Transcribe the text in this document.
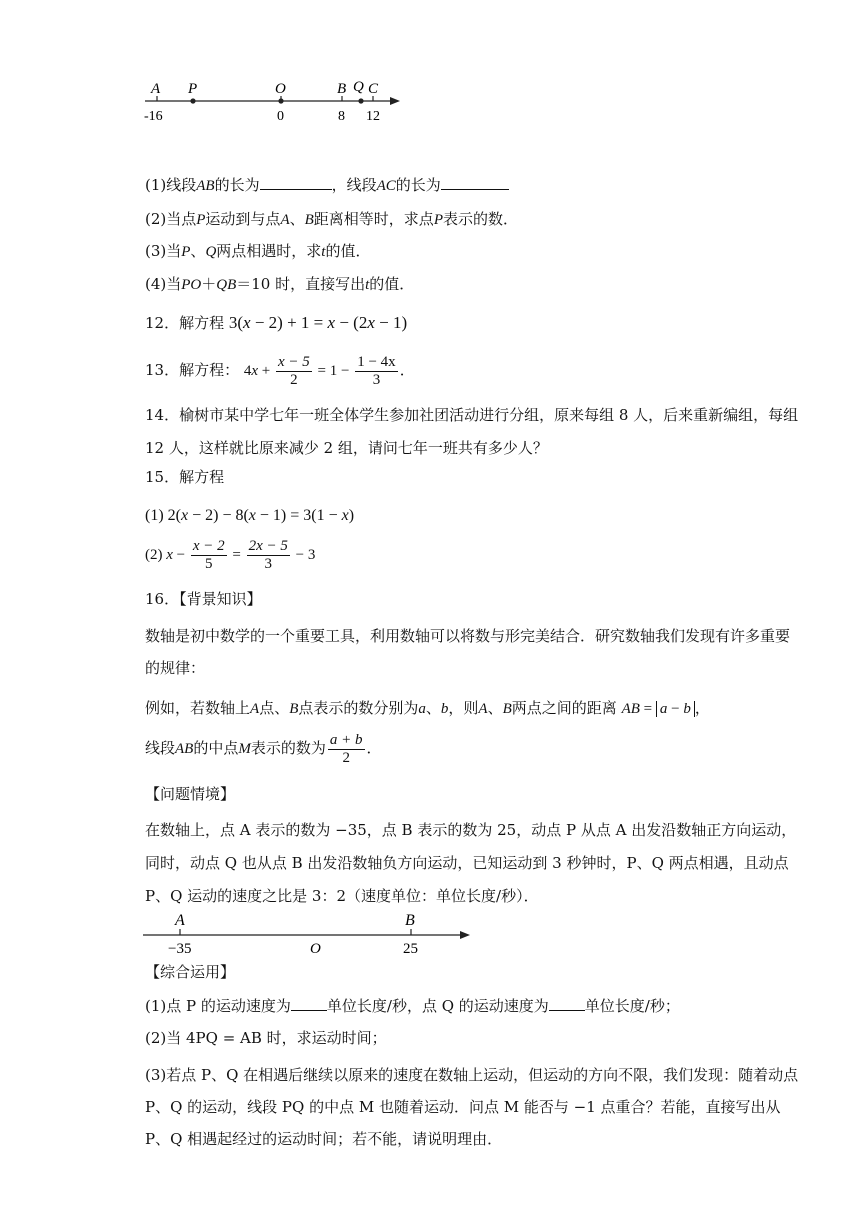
A P	O	B Q C
-16	0	8 12
(1)线段AB的长为	，线段AC的长为
(2)当点P运动到与点A、B距离相等时，求点P表示的数．
(3)当P、Q两点相遇时，求t的值．
(4)当PO＋QB＝10 时，直接写出t的值．
12．解方程 3(x − 2) + 1 = x − (2x − 1)
13．解方程： $4x + \frac{x - 5}{2} = 1 - \frac{1 - 4x}{3}$ ．
14．榆树市某中学七年一班全体学生参加社团活动进行分组，原来每组 8 人，后来重新编组，每组 12 人，这样就比原来减少 2 组，请问七年一班共有多少人？
15．解方程
(1) 2(x − 2) − 8(x − 1) = 3(1 − x)
(2) $x - \frac{x - 2}{5} = \frac{2x - 5}{3} - 3$
16．【背景知识】
数轴是初中数学的一个重要工具，利用数轴可以将数与形完美结合．研究数轴我们发现有许多重要的规律：
例如，若数轴上A点、B点表示的数分别为a、b，则A、B两点之间的距离 AB = a − b ，
线段AB的中点M表示的数为 $\frac{a + b}{2}$ ．
【问题情境】
在数轴上，点 A 表示的数为 −35，点 B 表示的数为 25，动点 P 从点 A 出发沿数轴正方向运动，同时，动点 Q 也从点 B 出发沿数轴负方向运动，已知运动到 3 秒钟时，P、Q 两点相遇，且动点 P、Q 运动的速度之比是 3：2（速度单位：单位长度/秒）．
A	B
−35	O	25
【综合运用】
(1)点 P 的运动速度为 单位长度/秒，点 Q 的运动速度为 单位长度/秒；
(2)当 4PQ = AB 时，求运动时间；
(3)若点 P、Q 在相遇后继续以原来的速度在数轴上运动，但运动的方向不限，我们发现：随着动点 P、Q 的运动，线段 PQ 的中点 M 也随着运动．问点 M 能否与 −1 点重合？若能，直接写出从 P、Q 相遇起经过的运动时间；若不能，请说明理由．
